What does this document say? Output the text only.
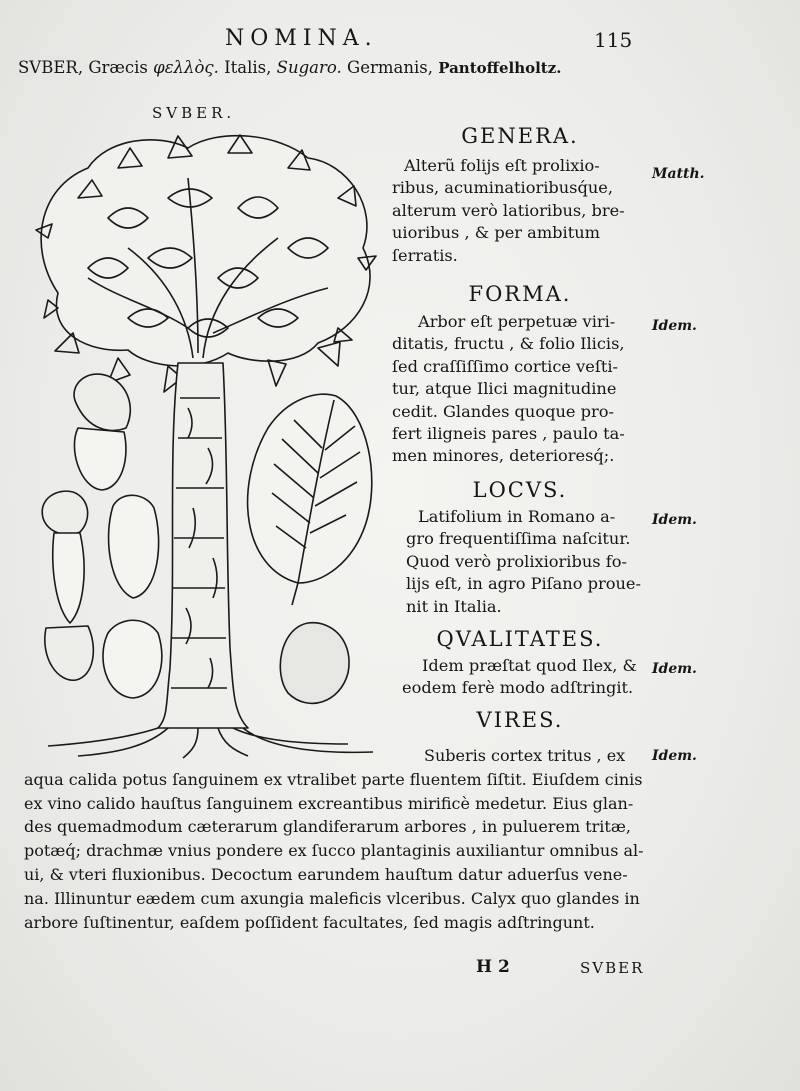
NOMINA.	115
SVBER, Græcis φελλὸς. Italis, Sugaro. Germanis, Pantoffelholtz.
SVBER.
GENERA.
Matth.
Alterũ folijs eſt prolixio-
ribus, acuminatioribusq́ue,
alterum verò latioribus, bre-
uioribus , & per ambitum
ſerratis.
FORMA.
Idem.
Arbor eſt perpetuæ viri-
ditatis, fructu , & folio Ilicis,
ſed craſſiſſimo cortice veſti-
tur, atque Ilici magnitudine
cedit. Glandes quoque pro-
fert iligneis pares , paulo ta-
men minores, deterioresq́;.
LOCVS.
Idem.
Latifolium in Romano a-
gro frequentiſſima naſcitur.
Quod verò prolixioribus fo-
lijs eſt, in agro Piſano proue-
nit in Italia.
QVALITATES.
Idem.
Idem præſtat quod Ilex, &
eodem ferè modo adſtringit.
VIRES.
Idem.
Suberis cortex tritus , ex
aqua calida potus ſanguinem ex vtralibet parte fluentem ſiſtit. Eiuſdem cinis
ex vino calido hauſtus ſanguinem excreantibus mirificè medetur. Eius glan-
des quemadmodum cæterarum glandiferarum arbores , in puluerem tritæ,
potæq́; drachmæ vnius pondere ex ſucco plantaginis auxiliantur omnibus al-
ui, & vteri fluxionibus. Decoctum earundem hauſtum datur aduerſus vene-
na. Illinuntur eædem cum axungia maleficis vlceribus. Calyx quo glandes in
arbore ſuſtinentur, eaſdem poſſident facultates, ſed magis adſtringunt.
H 2	SVBER
